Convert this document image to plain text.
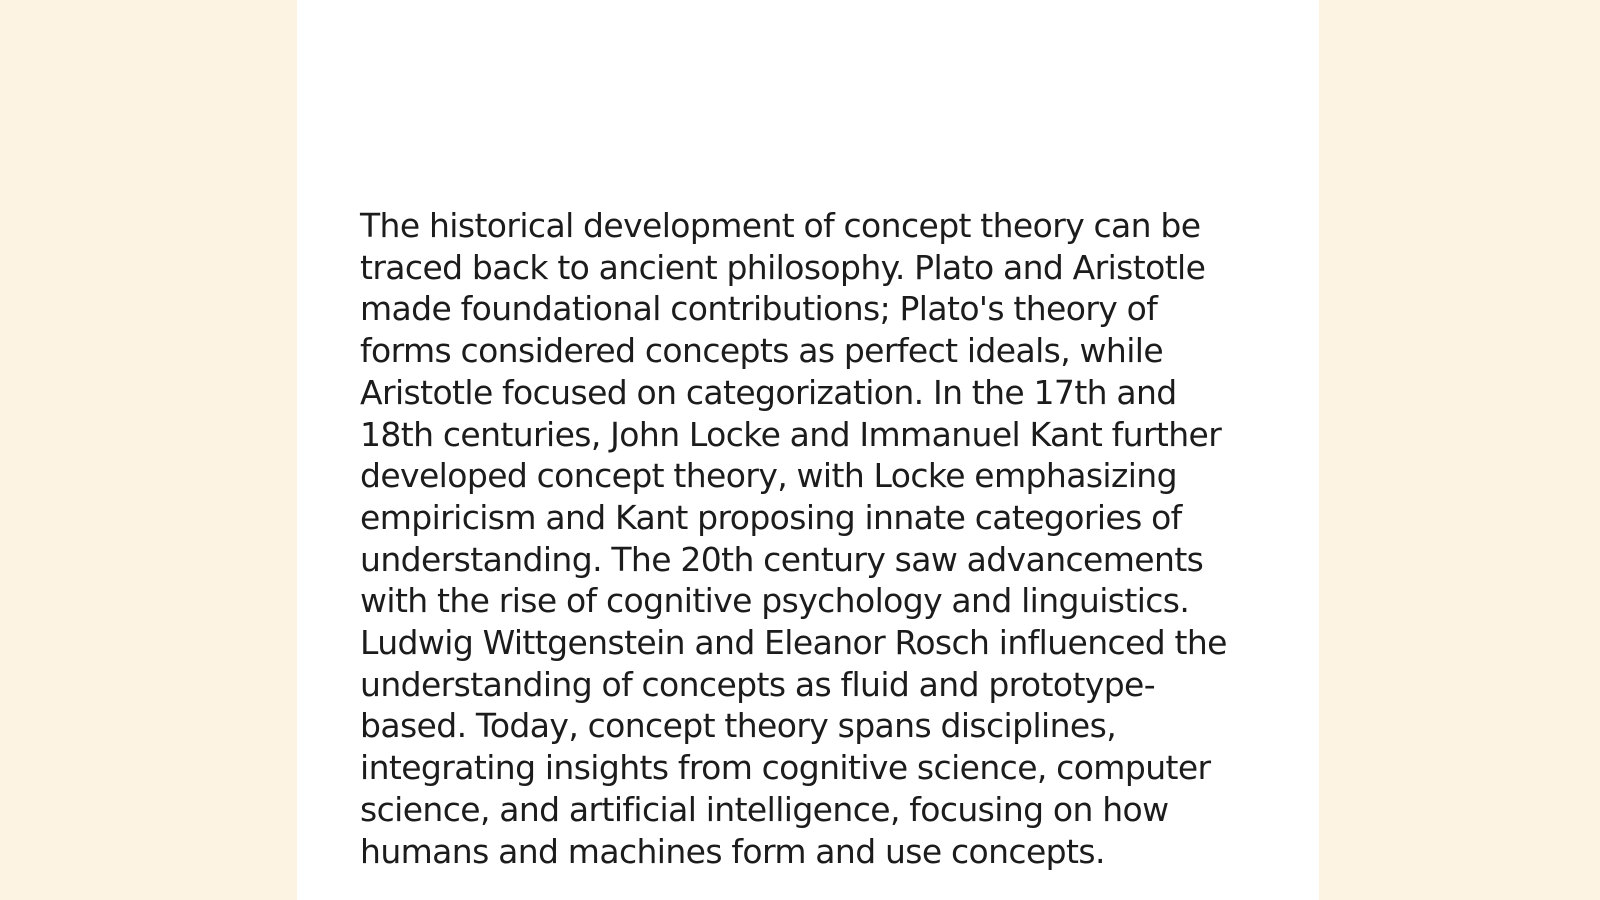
The historical development of concept theory can be traced back to ancient philosophy. Plato and Aristotle made foundational contributions; Plato's theory of forms considered concepts as perfect ideals, while Aristotle focused on categorization. In the 17th and 18th centuries, John Locke and Immanuel Kant further developed concept theory, with Locke emphasizing empiricism and Kant proposing innate categories of understanding. The 20th century saw advancements with the rise of cognitive psychology and linguistics. Ludwig Wittgenstein and Eleanor Rosch influenced the understanding of concepts as fluid and prototype-based. Today, concept theory spans disciplines, integrating insights from cognitive science, computer science, and artificial intelligence, focusing on how humans and machines form and use concepts.
